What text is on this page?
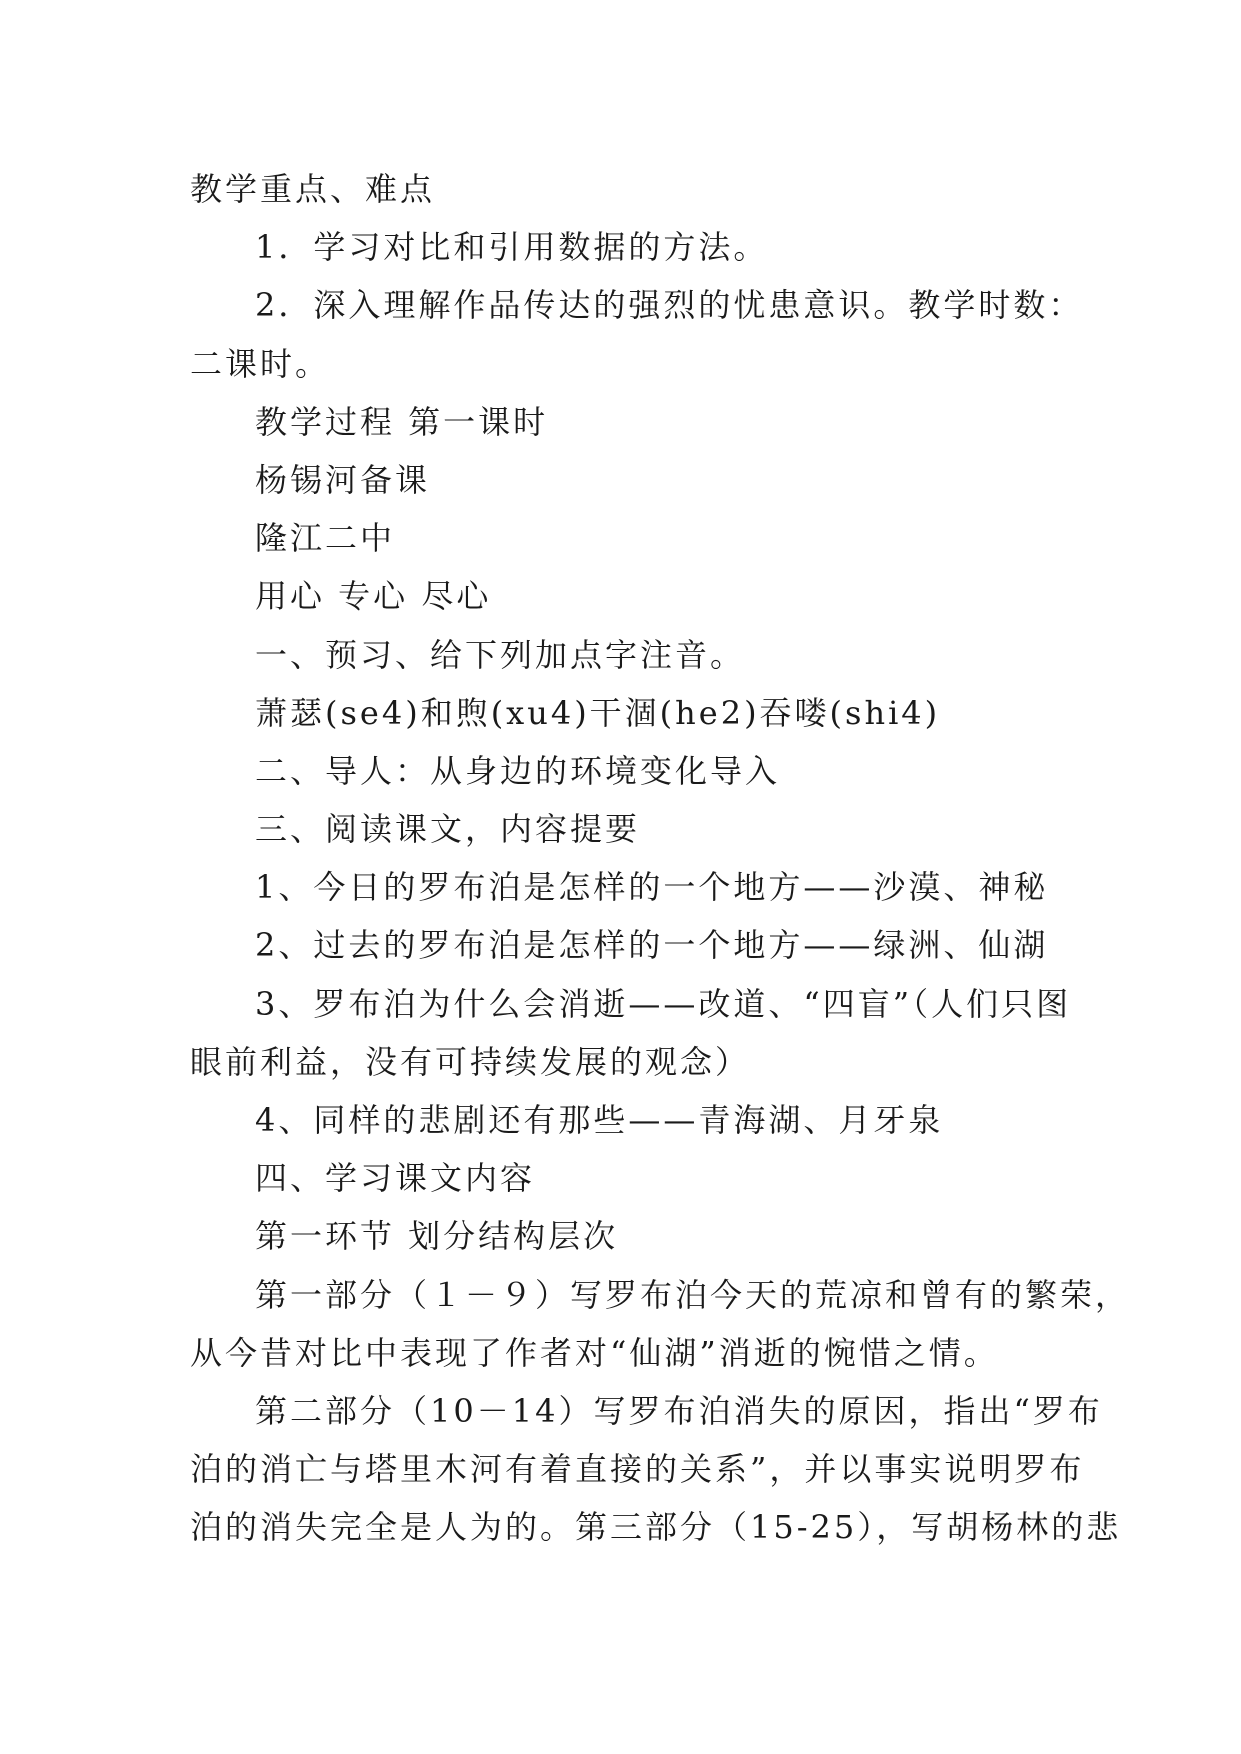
教学重点、难点
1．学习对比和引用数据的方法。
2．深入理解作品传达的强烈的忧患意识。教学时数：
二课时。
教学过程 第一课时
杨锡河备课
隆江二中
用心 专心 尽心
一、预习、给下列加点字注音。
萧瑟(se4)和煦(xu4)干涸(he2)吞喽(shi4)
二、导人：从身边的环境变化导入
三、阅读课文，内容提要
1、今日的罗布泊是怎样的一个地方——沙漠、神秘
2、过去的罗布泊是怎样的一个地方——绿洲、仙湖
3、罗布泊为什么会消逝——改道、“四盲”（人们只图
眼前利益，没有可持续发展的观念）
4、同样的悲剧还有那些——青海湖、月牙泉
四、学习课文内容
第一环节 划分结构层次
第一部分（１－９）写罗布泊今天的荒凉和曾有的繁荣，
从今昔对比中表现了作者对“仙湖”消逝的惋惜之情。
第二部分（10－14）写罗布泊消失的原因，指出“罗布
泊的消亡与塔里木河有着直接的关系”，并以事实说明罗布
泊的消失完全是人为的。第三部分（15-25），写胡杨林的悲
